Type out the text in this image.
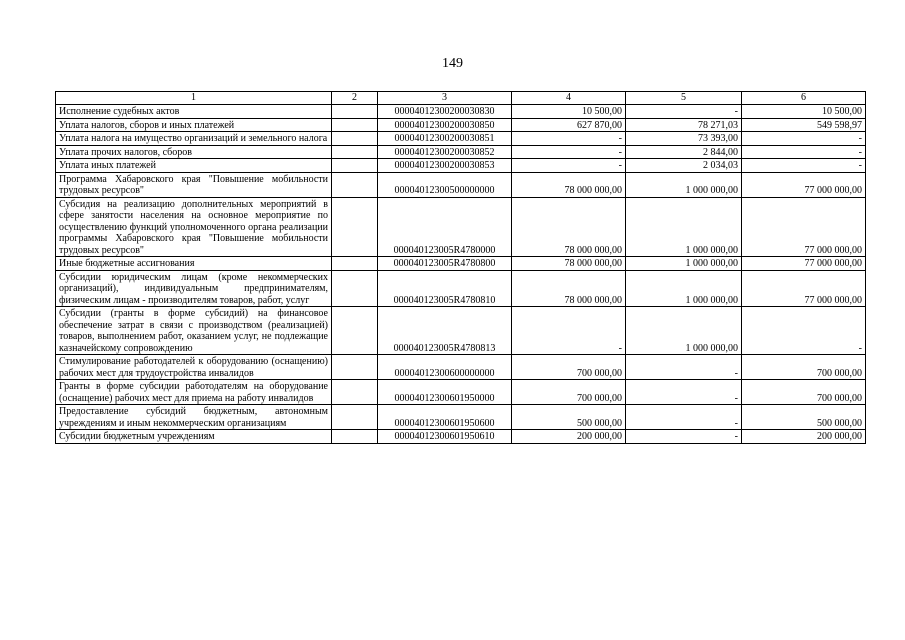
149
1	2	3	4	5	6
Исполнение судебных актов		00004012300200030830	10 500,00	-	10 500,00
Уплата налогов, сборов и иных платежей		00004012300200030850	627 870,00	78 271,03	549 598,97
Уплата налога на имущество организаций и земельного налога		00004012300200030851	-	73 393,00	-
Уплата прочих налогов, сборов		00004012300200030852	-	2 844,00	-
Уплата иных платежей		00004012300200030853	-	2 034,03	-
Программа Хабаровского края "Повышение мобильности трудовых ресурсов"		00004012300500000000	78 000 000,00	1 000 000,00	77 000 000,00
Субсидия на реализацию дополнительных мероприятий в сфере занятости населения на основное мероприятие по осуществлению функций уполномоченного органа реализации программы Хабаровского края "Повышение мобильности трудовых ресурсов"		000040123005R4780000	78 000 000,00	1 000 000,00	77 000 000,00
Иные бюджетные ассигнования		000040123005R4780800	78 000 000,00	1 000 000,00	77 000 000,00
Субсидии юридическим лицам (кроме некоммерческих организаций), индивидуальным предпринимателям, физическим лицам - производителям товаров, работ, услуг		000040123005R4780810	78 000 000,00	1 000 000,00	77 000 000,00
Субсидии (гранты в форме субсидий) на финансовое обеспечение затрат в связи с производством (реализацией) товаров, выполнением работ, оказанием услуг, не подлежащие казначейскому сопровождению		000040123005R4780813	-	1 000 000,00	-
Стимулирование работодателей к оборудованию (оснащению) рабочих мест для трудоустройства инвалидов		00004012300600000000	700 000,00	-	700 000,00
Гранты в форме субсидии работодателям на оборудование (оснащение) рабочих мест для приема на работу инвалидов		00004012300601950000	700 000,00	-	700 000,00
Предоставление субсидий бюджетным, автономным учреждениям и иным некоммерческим организациям		00004012300601950600	500 000,00	-	500 000,00
Субсидии бюджетным учреждениям		00004012300601950610	200 000,00	-	200 000,00
